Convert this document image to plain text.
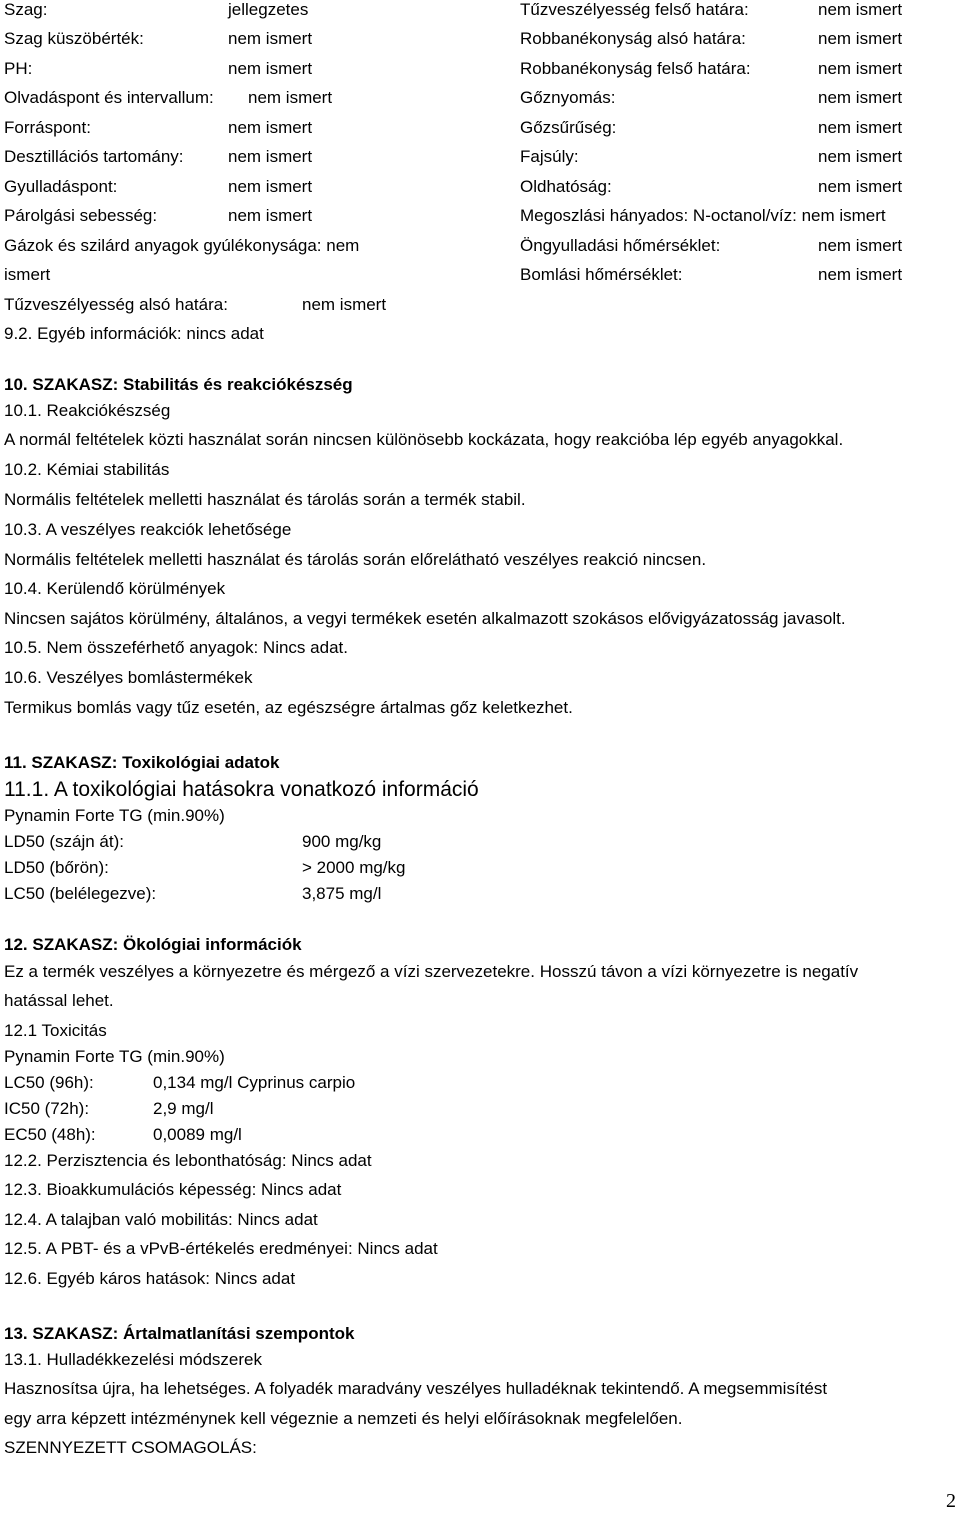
Szag:	jellegzetes
Szag küszöbérték:	nem ismert
PH:	nem ismert
Olvadáspont és intervallum: nem ismert
Forráspont:	nem ismert
Desztillációs tartomány:	nem ismert
Gyulladáspont:	nem ismert
Párolgási sebesség:	nem ismert
Gázok és szilárd anyagok gyúlékonysága: nem
ismert
Tűzveszélyesség alsó határa:	nem ismert
9.2. Egyéb információk: nincs adat
Tűzveszélyesség felső határa:	nem ismert
Robbanékonyság alsó határa:	nem ismert
Robbanékonyság felső határa:	nem ismert
Gőznyomás:	nem ismert
Gőzsűrűség:	nem ismert
Fajsúly:	nem ismert
Oldhatóság:	nem ismert
Megoszlási hányados: N-octanol/víz: nem ismert
Öngyulladási hőmérséklet:	nem ismert
Bomlási hőmérséklet:	nem ismert
10. SZAKASZ: Stabilitás és reakciókészség
10.1. Reakciókészség
A normál feltételek közti használat során nincsen különösebb kockázata, hogy reakcióba lép egyéb anyagokkal.
10.2. Kémiai stabilitás
Normális feltételek melletti használat és tárolás során a termék stabil.
10.3. A veszélyes reakciók lehetősége
Normális feltételek melletti használat és tárolás során előrelátható veszélyes reakció nincsen.
10.4. Kerülendő körülmények
Nincsen sajátos körülmény, általános, a vegyi termékek esetén alkalmazott szokásos elővigyázatosság javasolt.
10.5. Nem összeférhető anyagok: Nincs adat.
10.6. Veszélyes bomlástermékek
Termikus bomlás vagy tűz esetén, az egészségre ártalmas gőz keletkezhet.
11. SZAKASZ: Toxikológiai adatok
11.1. A toxikológiai hatásokra vonatkozó információ
Pynamin Forte TG (min.90%)
LD50 (szájn át):	900 mg/kg
LD50 (bőrön):	> 2000 mg/kg
LC50 (belélegezve):	3,875 mg/l
12. SZAKASZ: Ökológiai információk
Ez a termék veszélyes a környezetre és mérgező a vízi szervezetekre. Hosszú távon a vízi környezetre is negatív
hatással lehet.
12.1 Toxicitás
Pynamin Forte TG (min.90%)
LC50 (96h):	0,134 mg/l Cyprinus carpio
IC50 (72h):	2,9 mg/l
EC50 (48h):	0,0089 mg/l
12.2. Perzisztencia és lebonthatóság: Nincs adat
12.3. Bioakkumulációs képesség: Nincs adat
12.4. A talajban való mobilitás: Nincs adat
12.5. A PBT- és a vPvB-értékelés eredményei: Nincs adat
12.6. Egyéb káros hatások: Nincs adat
13. SZAKASZ: Ártalmatlanítási szempontok
13.1. Hulladékkezelési módszerek
Hasznosítsa újra, ha lehetséges. A folyadék maradvány veszélyes hulladéknak tekintendő. A megsemmisítést
egy arra képzett intézménynek kell végeznie a nemzeti és helyi előírásoknak megfelelően.
SZENNYEZETT CSOMAGOLÁS:
2
